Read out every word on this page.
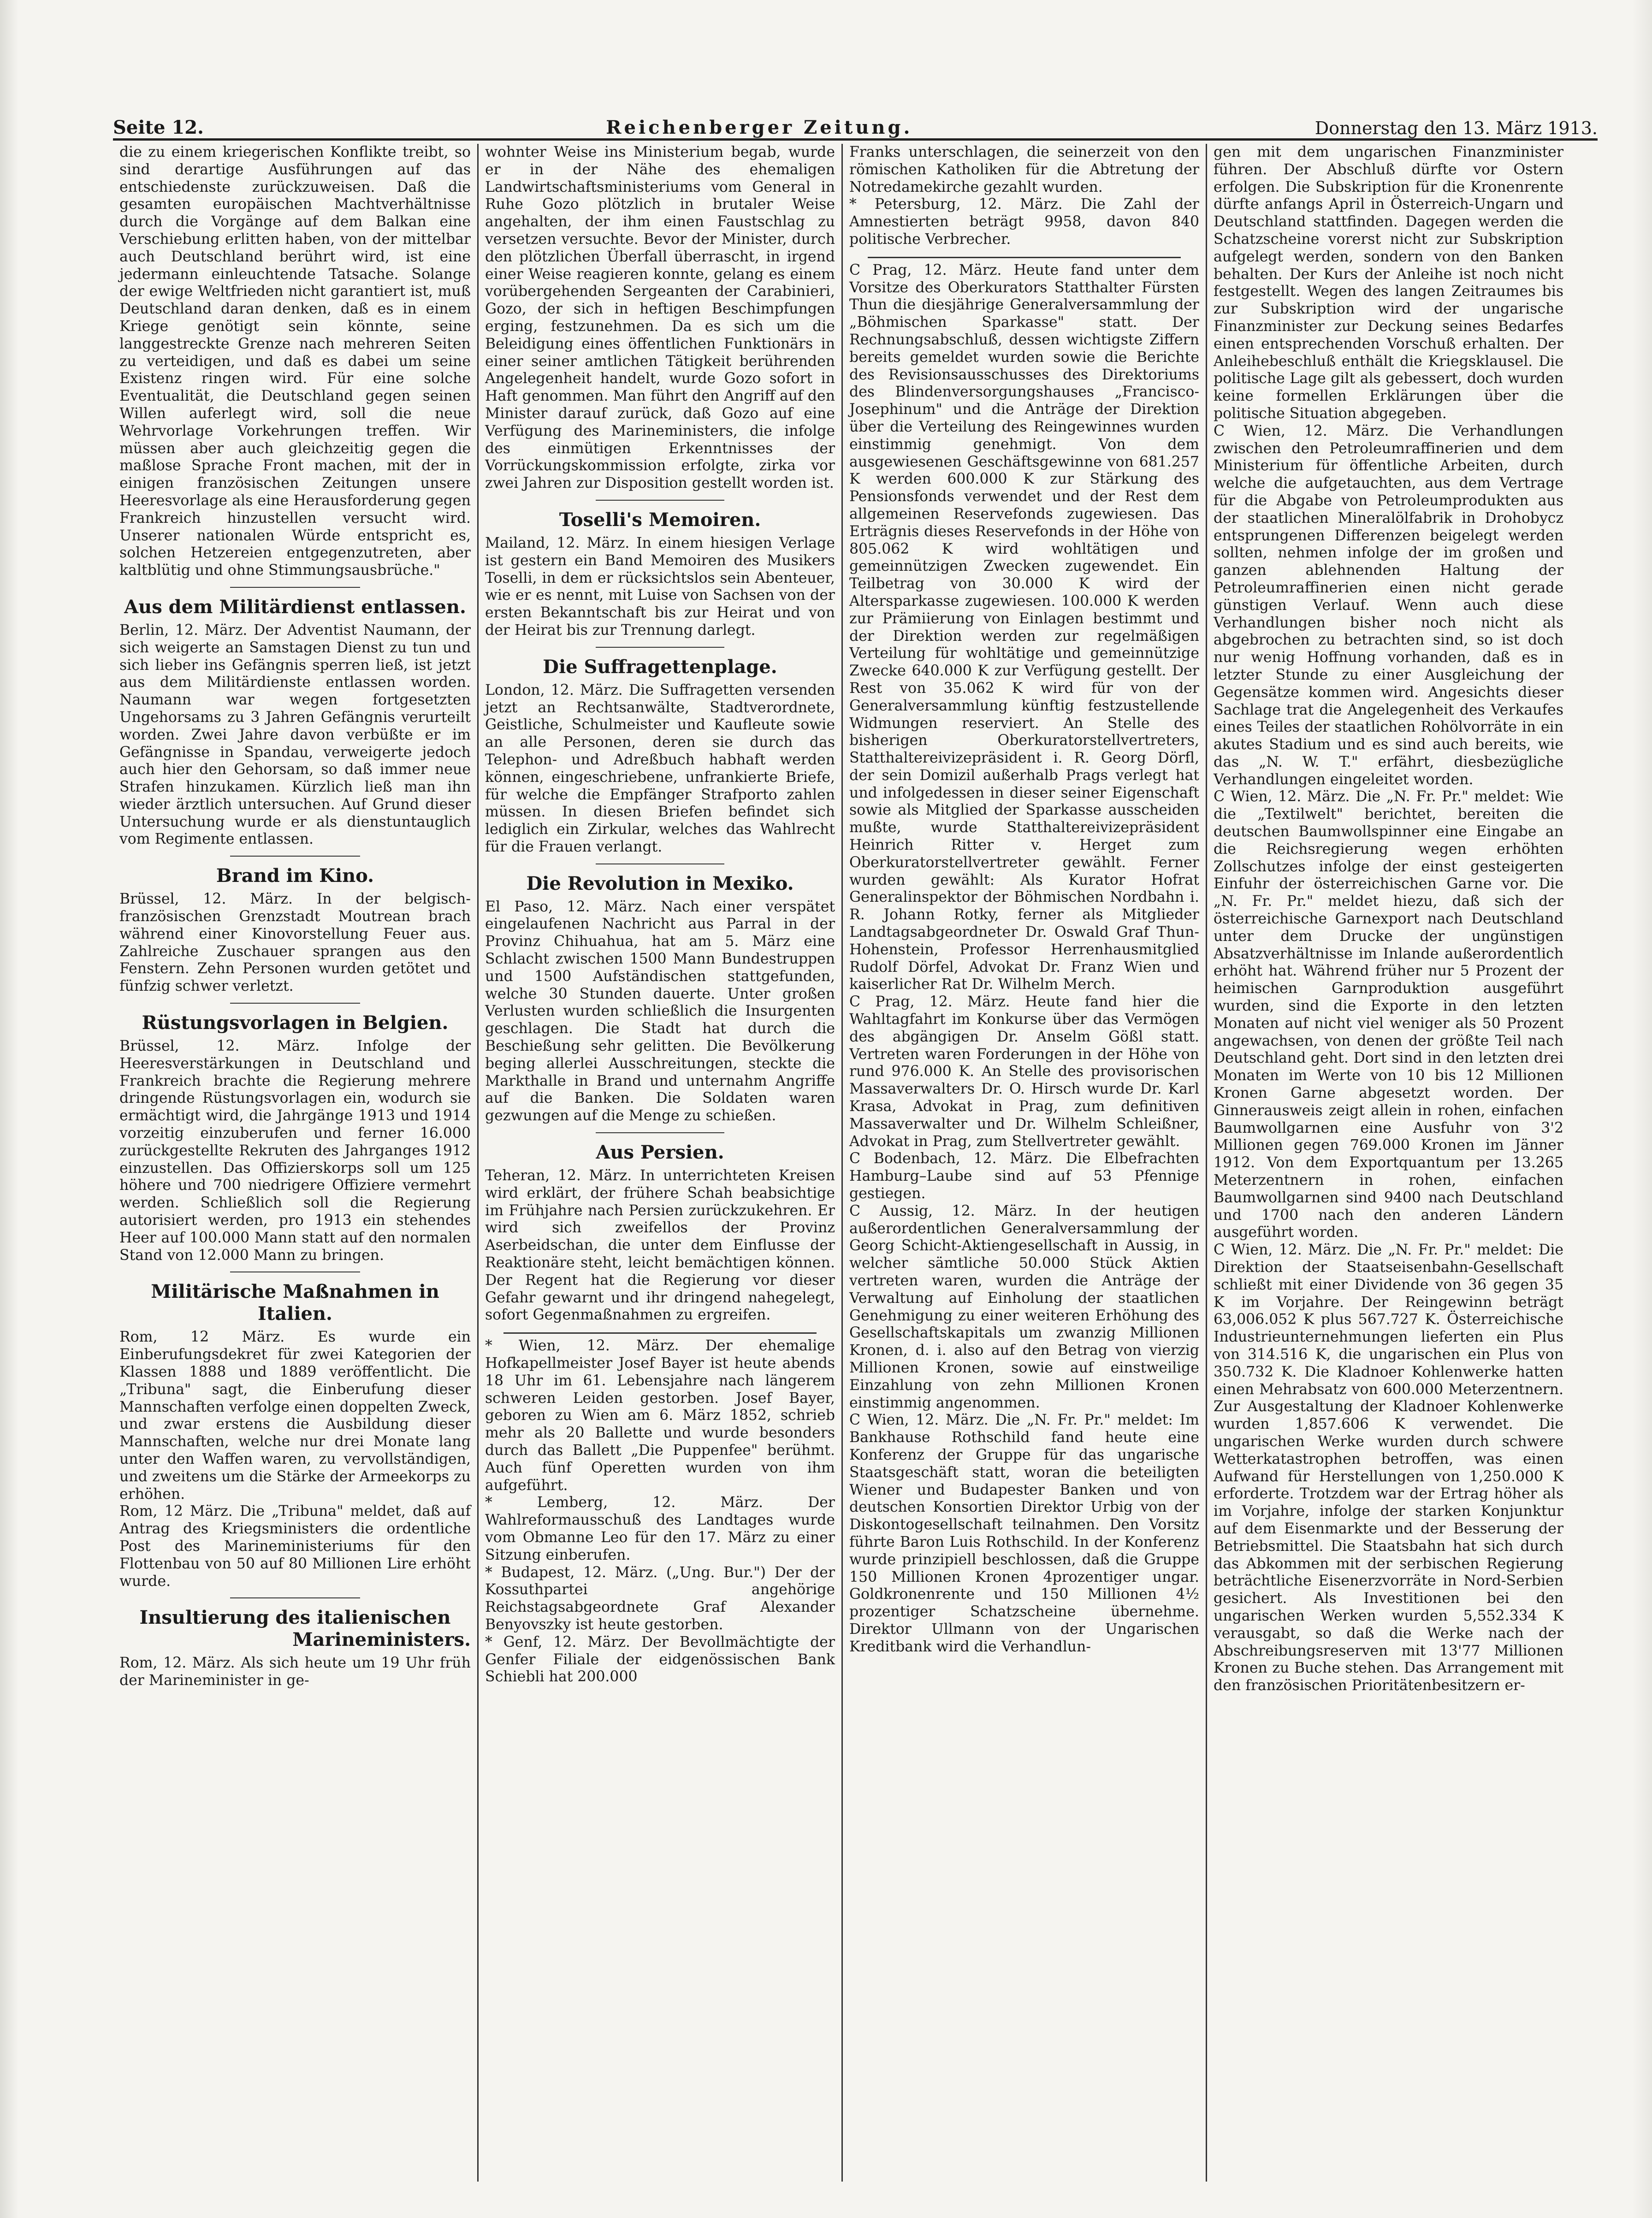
Seite 12.	Reichenberger Zeitung.	Donnerstag den 13. März 1913.

die zu einem kriegerischen Konflikte treibt, so sind derartige Ausführungen auf das entschiedenste zurückzuweisen. Daß die gesamten europäischen Machtverhältnisse durch die Vorgänge auf dem Balkan eine Verschiebung erlitten haben, von der mittelbar auch Deutschland berührt wird, ist eine jedermann einleuchtende Tatsache. Solange der ewige Weltfrieden nicht garantiert ist, muß Deutschland daran denken, daß es in einem Kriege genötigt sein könnte, seine langgestreckte Grenze nach mehreren Seiten zu verteidigen, und daß es dabei um seine Existenz ringen wird. Für eine solche Eventualität, die Deutschland gegen seinen Willen auferlegt wird, soll die neue Wehrvorlage Vorkehrungen treffen. Wir müssen aber auch gleichzeitig gegen die maßlose Sprache Front machen, mit der in einigen französischen Zeitungen unsere Heeresvorlage als eine Herausforderung gegen Frankreich hinzustellen versucht wird. Unserer nationalen Würde entspricht es, solchen Hetzereien entgegenzutreten, aber kaltblütig und ohne Stimmungsausbrüche."

Aus dem Militärdienst entlassen.

Berlin, 12. März. Der Adventist Naumann, der sich weigerte an Samstagen Dienst zu tun und sich lieber ins Gefängnis sperren ließ, ist jetzt aus dem Militärdienste entlassen worden. Naumann war wegen fortgesetzten Ungehorsams zu 3 Jahren Gefängnis verurteilt worden. Zwei Jahre davon verbüßte er im Gefängnisse in Spandau, verweigerte jedoch auch hier den Gehorsam, so daß immer neue Strafen hinzukamen. Kürzlich ließ man ihn wieder ärztlich untersuchen. Auf Grund dieser Untersuchung wurde er als dienstuntauglich vom Regimente entlassen.

Brand im Kino.

Brüssel, 12. März. In der belgisch-französischen Grenzstadt Moutrean brach während einer Kinovorstellung Feuer aus. Zahlreiche Zuschauer sprangen aus den Fenstern. Zehn Personen wurden getötet und fünfzig schwer verletzt.

Rüstungsvorlagen in Belgien.

Brüssel, 12. März. Infolge der Heeresverstärkungen in Deutschland und Frankreich brachte die Regierung mehrere dringende Rüstungsvorlagen ein, wodurch sie ermächtigt wird, die Jahrgänge 1913 und 1914 vorzeitig einzuberufen und ferner 16.000 zurückgestellte Rekruten des Jahrganges 1912 einzustellen. Das Offizierskorps soll um 125 höhere und 700 niedrigere Offiziere vermehrt werden. Schließlich soll die Regierung autorisiert werden, pro 1913 ein stehendes Heer auf 100.000 Mann statt auf den normalen Stand von 12.000 Mann zu bringen.

Militärische Maßnahmen in Italien.

Rom, 12 März. Es wurde ein Einberufungsdekret für zwei Kategorien der Klassen 1888 und 1889 veröffentlicht. Die „Tribuna" sagt, die Einberufung dieser Mannschaften verfolge einen doppelten Zweck, und zwar erstens die Ausbildung dieser Mannschaften, welche nur drei Monate lang unter den Waffen waren, zu vervollständigen, und zweitens um die Stärke der Armeekorps zu erhöhen.

Rom, 12 März. Die „Tribuna" meldet, daß auf Antrag des Kriegsministers die ordentliche Post des Marineministeriums für den Flottenbau von 50 auf 80 Millionen Lire erhöht wurde.

Insultierung des italienischen
Marineministers.

Rom, 12. März. Als sich heute um 19 Uhr früh der Marineminister in ge-

wohnter Weise ins Ministerium begab, wurde er in der Nähe des ehemaligen Landwirtschaftsministeriums vom General in Ruhe Gozo plötzlich in brutaler Weise angehalten, der ihm einen Faustschlag zu versetzen versuchte. Bevor der Minister, durch den plötzlichen Überfall überrascht, in irgend einer Weise reagieren konnte, gelang es einem vorübergehenden Sergeanten der Carabinieri, Gozo, der sich in heftigen Beschimpfungen erging, festzunehmen. Da es sich um die Beleidigung eines öffentlichen Funktionärs in einer seiner amtlichen Tätigkeit berührenden Angelegenheit handelt, wurde Gozo sofort in Haft genommen. Man führt den Angriff auf den Minister darauf zurück, daß Gozo auf eine Verfügung des Marineministers, die infolge des einmütigen Erkenntnisses der Vorrückungskommission erfolgte, zirka vor zwei Jahren zur Disposition gestellt worden ist.

Toselli's Memoiren.

Mailand, 12. März. In einem hiesigen Verlage ist gestern ein Band Memoiren des Musikers Toselli, in dem er rücksichtslos sein Abenteuer, wie er es nennt, mit Luise von Sachsen von der ersten Bekanntschaft bis zur Heirat und von der Heirat bis zur Trennung darlegt.

Die Suffragettenplage.

London, 12. März. Die Suffragetten versenden jetzt an Rechtsanwälte, Stadtverordnete, Geistliche, Schulmeister und Kaufleute sowie an alle Personen, deren sie durch das Telephon- und Adreßbuch habhaft werden können, eingeschriebene, unfrankierte Briefe, für welche die Empfänger Strafporto zahlen müssen. In diesen Briefen befindet sich lediglich ein Zirkular, welches das Wahlrecht für die Frauen verlangt.

Die Revolution in Mexiko.

El Paso, 12. März. Nach einer verspätet eingelaufenen Nachricht aus Parral in der Provinz Chihuahua, hat am 5. März eine Schlacht zwischen 1500 Mann Bundestruppen und 1500 Aufständischen stattgefunden, welche 30 Stunden dauerte. Unter großen Verlusten wurden schließlich die Insurgenten geschlagen. Die Stadt hat durch die Beschießung sehr gelitten. Die Bevölkerung beging allerlei Ausschreitungen, steckte die Markthalle in Brand und unternahm Angriffe auf die Banken. Die Soldaten waren gezwungen auf die Menge zu schießen.

Aus Persien.

Teheran, 12. März. In unterrichteten Kreisen wird erklärt, der frühere Schah beabsichtige im Frühjahre nach Persien zurückzukehren. Er wird sich zweifellos der Provinz Aserbeidschan, die unter dem Einflusse der Reaktionäre steht, leicht bemächtigen können. Der Regent hat die Regierung vor dieser Gefahr gewarnt und ihr dringend nahegelegt, sofort Gegenmaßnahmen zu ergreifen.

* Wien, 12. März. Der ehemalige Hofkapellmeister Josef Bayer ist heute abends 18 Uhr im 61. Lebensjahre nach längerem schweren Leiden gestorben. Josef Bayer, geboren zu Wien am 6. März 1852, schrieb mehr als 20 Ballette und wurde besonders durch das Ballett „Die Puppenfee" berühmt. Auch fünf Operetten wurden von ihm aufgeführt.

* Lemberg, 12. März. Der Wahlreformausschuß des Landtages wurde vom Obmanne Leo für den 17. März zu einer Sitzung einberufen.

* Budapest, 12. März. („Ung. Bur.") Der der Kossuthpartei angehörige Reichstagsabgeordnete Graf Alexander Benyovszky ist heute gestorben.

* Genf, 12. März. Der Bevollmächtigte der Genfer Filiale der eidgenössischen Bank Schiebli hat 200.000

Franks unterschlagen, die seinerzeit von den römischen Katholiken für die Abtretung der Notredamekirche gezahlt wurden.

* Petersburg, 12. März. Die Zahl der Amnestierten beträgt 9958, davon 840 politische Verbrecher.

C Prag, 12. März. Heute fand unter dem Vorsitze des Oberkurators Statthalter Fürsten Thun die diesjährige Generalversammlung der „Böhmischen Sparkasse" statt. Der Rechnungsabschluß, dessen wichtigste Ziffern bereits gemeldet wurden sowie die Berichte des Revisionsausschusses des Direktoriums des Blindenversorgungshauses „Francisco-Josephinum" und die Anträge der Direktion über die Verteilung des Reingewinnes wurden einstimmig genehmigt. Von dem ausgewiesenen Geschäftsgewinne von 681.257 K werden 600.000 K zur Stärkung des Pensionsfonds verwendet und der Rest dem allgemeinen Reservefonds zugewiesen. Das Erträgnis dieses Reservefonds in der Höhe von 805.062 K wird wohltätigen und gemeinnützigen Zwecken zugewendet. Ein Teilbetrag von 30.000 K wird der Altersparkasse zugewiesen. 100.000 K werden zur Prämiierung von Einlagen bestimmt und der Direktion werden zur regelmäßigen Verteilung für wohltätige und gemeinnützige Zwecke 640.000 K zur Verfügung gestellt. Der Rest von 35.062 K wird für von der Generalversammlung künftig festzustellende Widmungen reserviert. An Stelle des bisherigen Oberkuratorstellvertreters, Statthaltereivizepräsident i. R. Georg Dörfl, der sein Domizil außerhalb Prags verlegt hat und infolgedessen in dieser seiner Eigenschaft sowie als Mitglied der Sparkasse ausscheiden mußte, wurde Statthaltereivizepräsident Heinrich Ritter v. Herget zum Oberkuratorstellvertreter gewählt. Ferner wurden gewählt: Als Kurator Hofrat Generalinspektor der Böhmischen Nordbahn i. R. Johann Rotky, ferner als Mitglieder Landtagsabgeordneter Dr. Oswald Graf Thun-Hohenstein, Professor Herrenhausmitglied Rudolf Dörfel, Advokat Dr. Franz Wien und kaiserlicher Rat Dr. Wilhelm Merch.

C Prag, 12. März. Heute fand hier die Wahltagfahrt im Konkurse über das Vermögen des abgängigen Dr. Anselm Gößl statt. Vertreten waren Forderungen in der Höhe von rund 976.000 K. An Stelle des provisorischen Massaverwalters Dr. O. Hirsch wurde Dr. Karl Krasa, Advokat in Prag, zum definitiven Massaverwalter und Dr. Wilhelm Schleißner, Advokat in Prag, zum Stellvertreter gewählt.

C Bodenbach, 12. März. Die Elbefrachten Hamburg–Laube sind auf 53 Pfennige gestiegen.

C Aussig, 12. März. In der heutigen außerordentlichen Generalversammlung der Georg Schicht-Aktiengesellschaft in Aussig, in welcher sämtliche 50.000 Stück Aktien vertreten waren, wurden die Anträge der Verwaltung auf Einholung der staatlichen Genehmigung zu einer weiteren Erhöhung des Gesellschaftskapitals um zwanzig Millionen Kronen, d. i. also auf den Betrag von vierzig Millionen Kronen, sowie auf einstweilige Einzahlung von zehn Millionen Kronen einstimmig angenommen.

C Wien, 12. März. Die „N. Fr. Pr." meldet: Im Bankhause Rothschild fand heute eine Konferenz der Gruppe für das ungarische Staatsgeschäft statt, woran die beteiligten Wiener und Budapester Banken und von deutschen Konsortien Direktor Urbig von der Diskontogesellschaft teilnahmen. Den Vorsitz führte Baron Luis Rothschild. In der Konferenz wurde prinzipiell beschlossen, daß die Gruppe 150 Millionen Kronen 4prozentiger ungar. Goldkronenrente und 150 Millionen 4½ prozentiger Schatzscheine übernehme. Direktor Ullmann von der Ungarischen Kreditbank wird die Verhandlun-

gen mit dem ungarischen Finanzminister führen. Der Abschluß dürfte vor Ostern erfolgen. Die Subskription für die Kronenrente dürfte anfangs April in Österreich-Ungarn und Deutschland stattfinden. Dagegen werden die Schatzscheine vorerst nicht zur Subskription aufgelegt werden, sondern von den Banken behalten. Der Kurs der Anleihe ist noch nicht festgestellt. Wegen des langen Zeitraumes bis zur Subskription wird der ungarische Finanzminister zur Deckung seines Bedarfes einen entsprechenden Vorschuß erhalten. Der Anleihebeschluß enthält die Kriegsklausel. Die politische Lage gilt als gebessert, doch wurden keine formellen Erklärungen über die politische Situation abgegeben.

C Wien, 12. März. Die Verhandlungen zwischen den Petroleumraffinerien und dem Ministerium für öffentliche Arbeiten, durch welche die aufgetauchten, aus dem Vertrage für die Abgabe von Petroleumprodukten aus der staatlichen Mineralölfabrik in Drohobycz entsprungenen Differenzen beigelegt werden sollten, nehmen infolge der im großen und ganzen ablehnenden Haltung der Petroleumraffinerien einen nicht gerade günstigen Verlauf. Wenn auch diese Verhandlungen bisher noch nicht als abgebrochen zu betrachten sind, so ist doch nur wenig Hoffnung vorhanden, daß es in letzter Stunde zu einer Ausgleichung der Gegensätze kommen wird. Angesichts dieser Sachlage trat die Angelegenheit des Verkaufes eines Teiles der staatlichen Rohölvorräte in ein akutes Stadium und es sind auch bereits, wie das „N. W. T." erfährt, diesbezügliche Verhandlungen eingeleitet worden.

C Wien, 12. März. Die „N. Fr. Pr." meldet: Wie die „Textilwelt" berichtet, bereiten die deutschen Baumwollspinner eine Eingabe an die Reichsregierung wegen erhöhten Zollschutzes infolge der einst gesteigerten Einfuhr der österreichischen Garne vor. Die „N. Fr. Pr." meldet hiezu, daß sich der österreichische Garnexport nach Deutschland unter dem Drucke der ungünstigen Absatzverhältnisse im Inlande außerordentlich erhöht hat. Während früher nur 5 Prozent der heimischen Garnproduktion ausgeführt wurden, sind die Exporte in den letzten Monaten auf nicht viel weniger als 50 Prozent angewachsen, von denen der größte Teil nach Deutschland geht. Dort sind in den letzten drei Monaten im Werte von 10 bis 12 Millionen Kronen Garne abgesetzt worden. Der Ginnerausweis zeigt allein in rohen, einfachen Baumwollgarnen eine Ausfuhr von 3'2 Millionen gegen 769.000 Kronen im Jänner 1912. Von dem Exportquantum per 13.265 Meterzentnern in rohen, einfachen Baumwollgarnen sind 9400 nach Deutschland und 1700 nach den anderen Ländern ausgeführt worden.

C Wien, 12. März. Die „N. Fr. Pr." meldet: Die Direktion der Staatseisenbahn-Gesellschaft schließt mit einer Dividende von 36 gegen 35 K im Vorjahre. Der Reingewinn beträgt 63,006.052 K plus 567.727 K. Österreichische Industrieunternehmungen lieferten ein Plus von 314.516 K, die ungarischen ein Plus von 350.732 K. Die Kladnoer Kohlenwerke hatten einen Mehrabsatz von 600.000 Meterzentnern. Zur Ausgestaltung der Kladnoer Kohlenwerke wurden 1,857.606 K verwendet. Die ungarischen Werke wurden durch schwere Wetterkatastrophen betroffen, was einen Aufwand für Herstellungen von 1,250.000 K erforderte. Trotzdem war der Ertrag höher als im Vorjahre, infolge der starken Konjunktur auf dem Eisenmarkte und der Besserung der Betriebsmittel. Die Staatsbahn hat sich durch das Abkommen mit der serbischen Regierung beträchtliche Eisenerzvorräte in Nord-Serbien gesichert. Als Investitionen bei den ungarischen Werken wurden 5,552.334 K verausgabt, so daß die Werke nach der Abschreibungsreserven mit 13'77 Millionen Kronen zu Buche stehen. Das Arrangement mit den französischen Prioritätenbesitzern er-
